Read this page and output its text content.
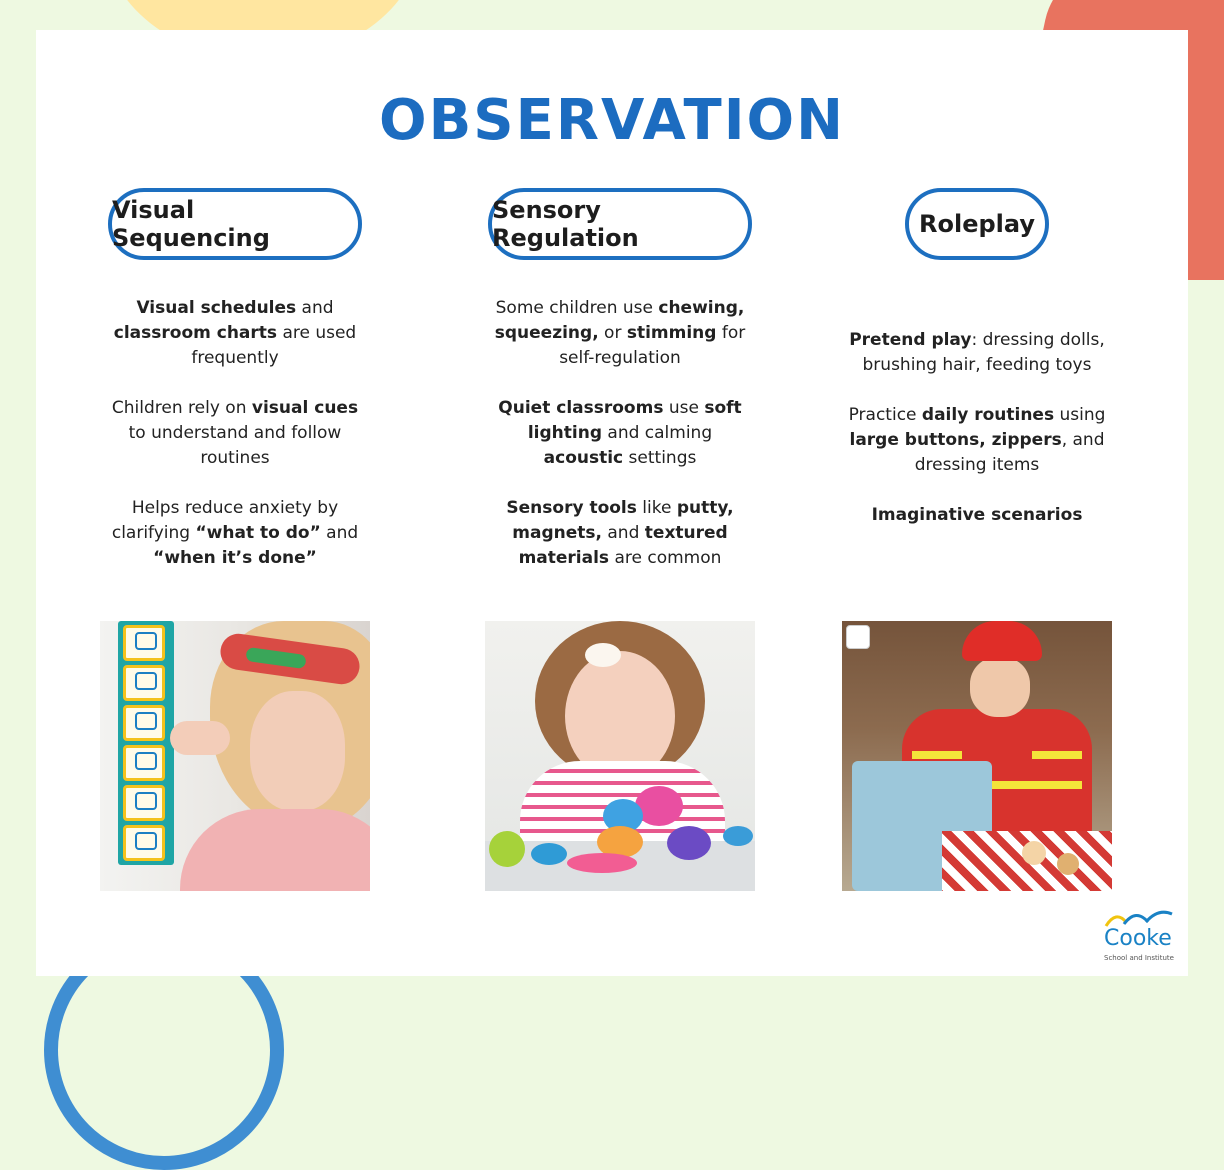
OBSERVATION
Visual Sequencing
Sensory Regulation	Roleplay

Visual schedules and classroom charts are used frequently

Children rely on visual cues to understand and follow routines

Helps reduce anxiety by clarifying “what to do” and “when it’s done”

Some children use chewing, squeezing, or stimming for self-regulation

Quiet classrooms use soft lighting and calming acoustic settings

Sensory tools like putty, magnets, and textured materials are common

Pretend play: dressing dolls, brushing hair, feeding toys

Practice daily routines using large buttons, zippers, and dressing items

Imaginative scenarios

Cooke
School and Institute
